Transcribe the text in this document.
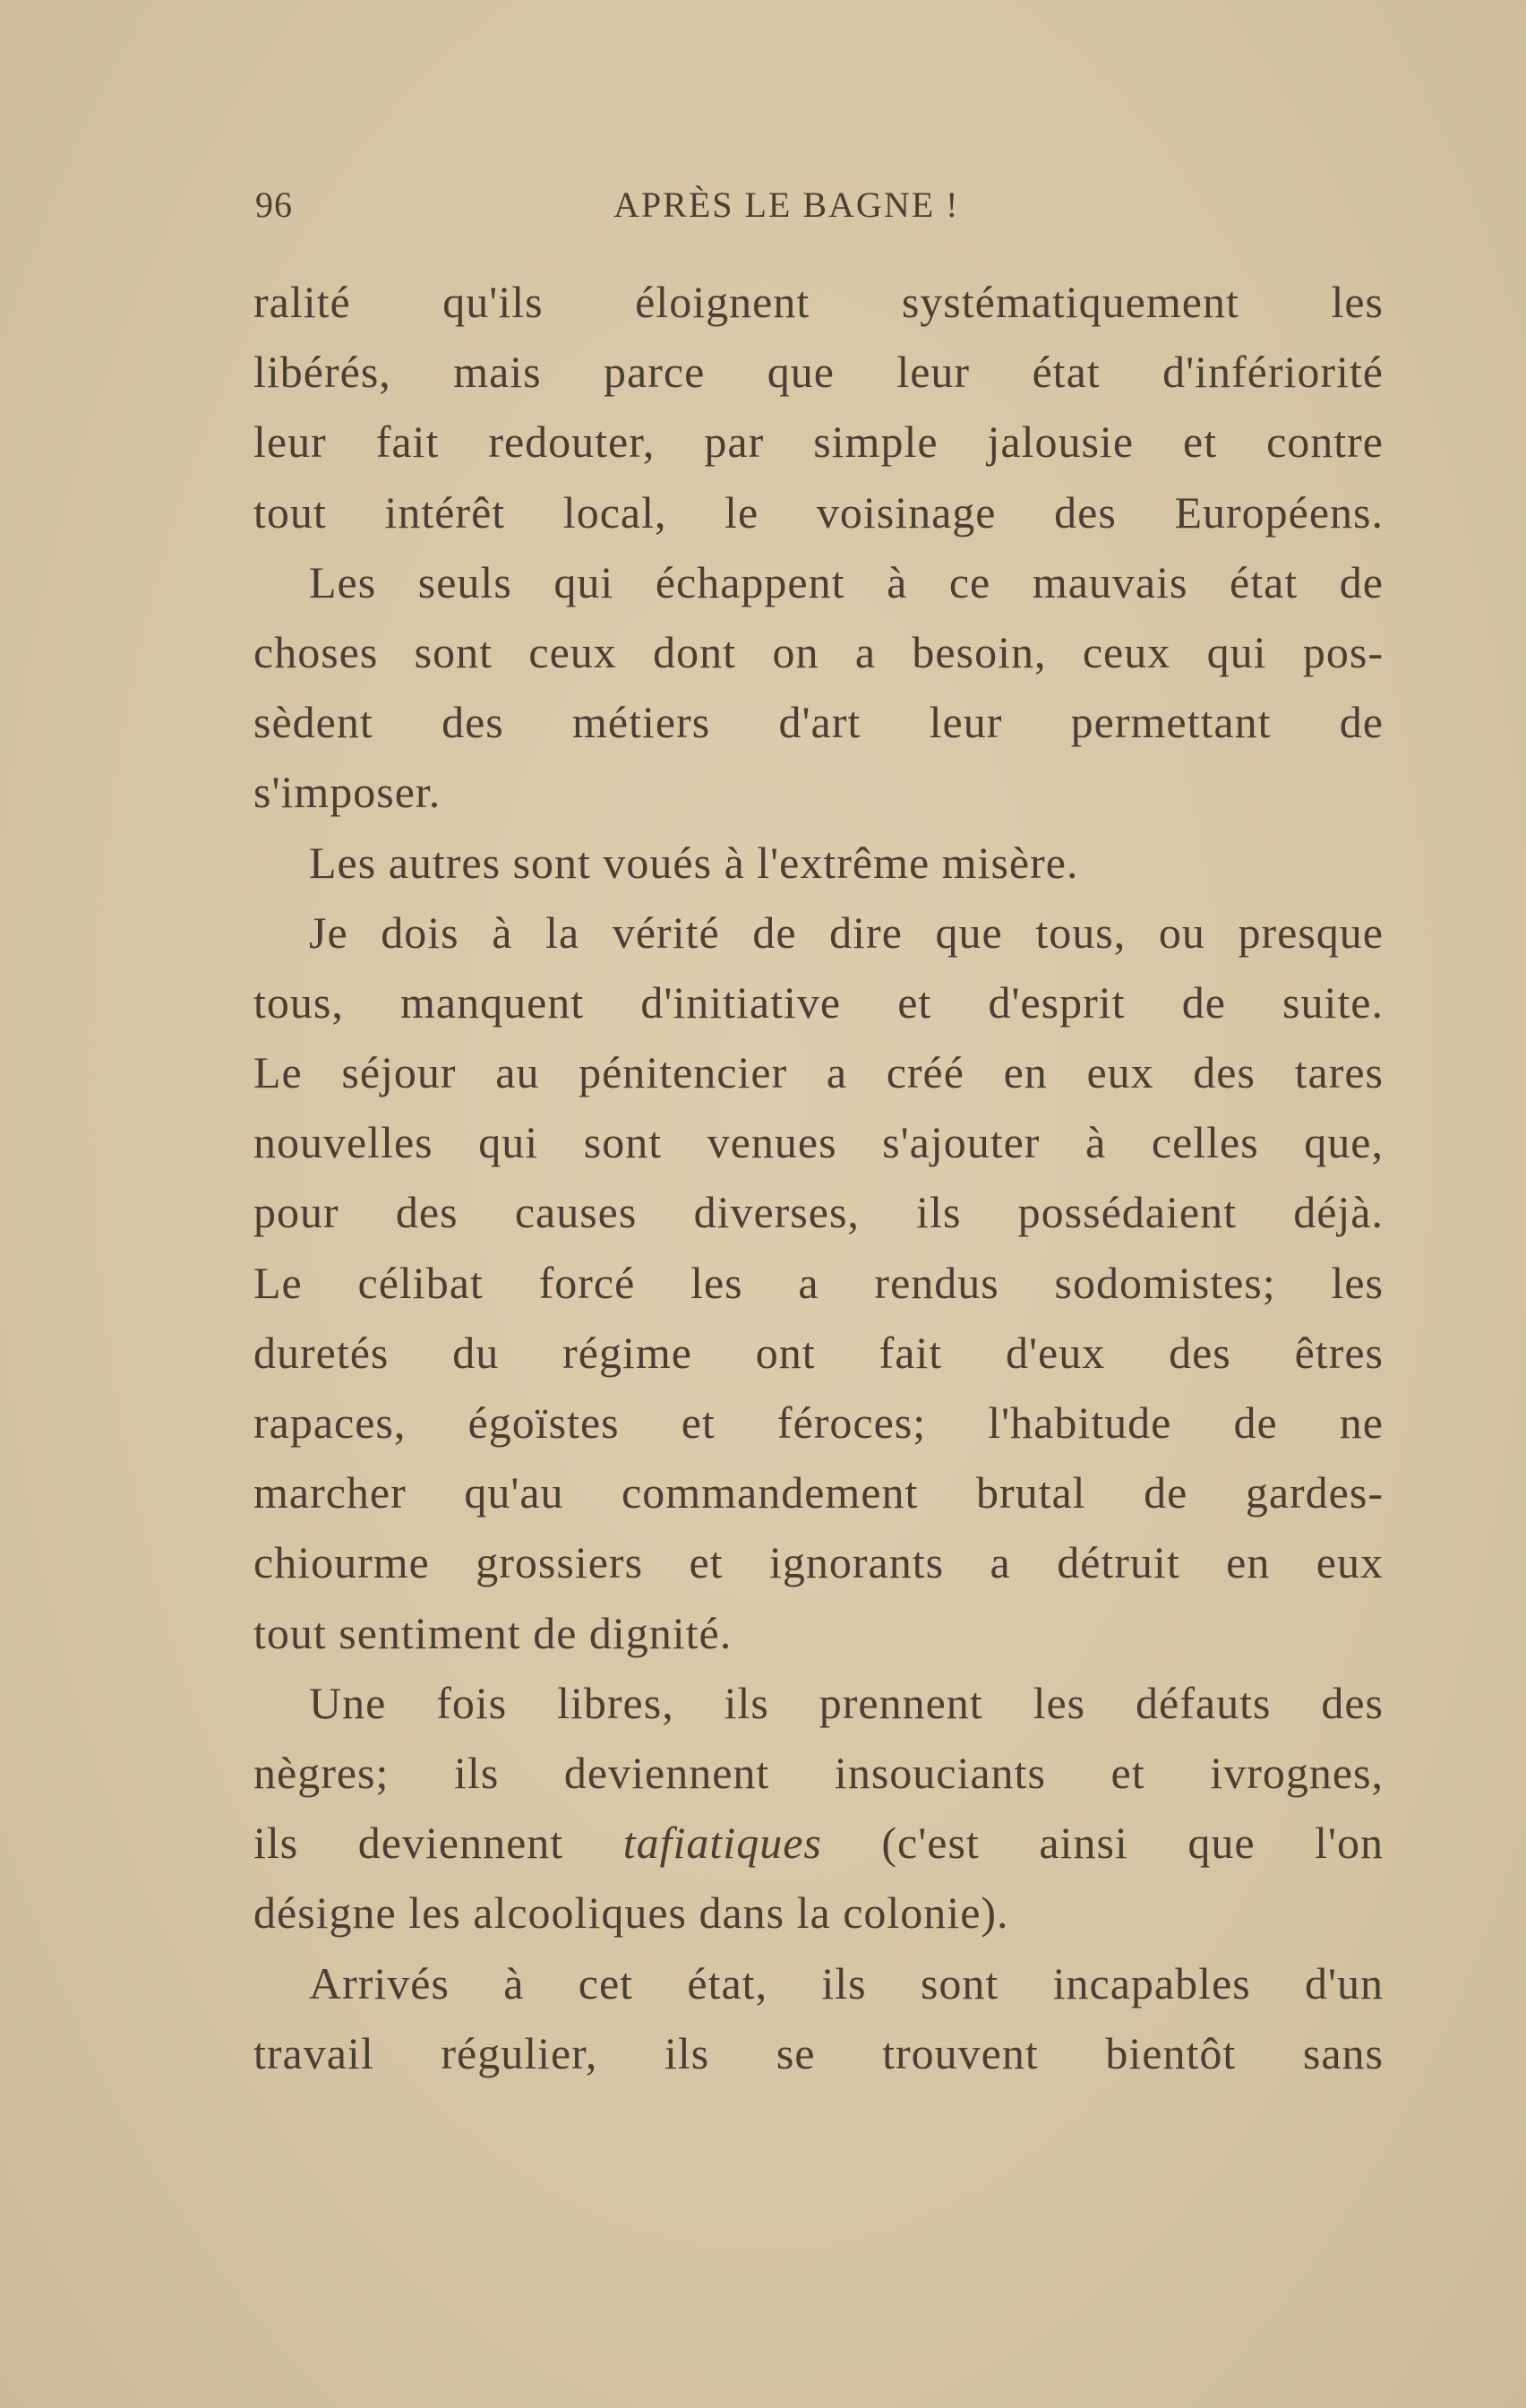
96	APRÈS LE BAGNE !
ralité qu'ils éloignent systématiquement les
libérés, mais parce que leur état d'infériorité
leur fait redouter, par simple jalousie et contre
tout intérêt local, le voisinage des Européens.
Les seuls qui échappent à ce mauvais état de
choses sont ceux dont on a besoin, ceux qui pos-
sèdent des métiers d'art leur permettant de
s'imposer.
Les autres sont voués à l'extrême misère.
Je dois à la vérité de dire que tous, ou presque
tous, manquent d'initiative et d'esprit de suite.
Le séjour au pénitencier a créé en eux des tares
nouvelles qui sont venues s'ajouter à celles que,
pour des causes diverses, ils possédaient déjà.
Le célibat forcé les a rendus sodomistes; les
duretés du régime ont fait d'eux des êtres
rapaces, égoïstes et féroces; l'habitude de ne
marcher qu'au commandement brutal de gardes-
chiourme grossiers et ignorants a détruit en eux
tout sentiment de dignité.
Une fois libres, ils prennent les défauts des
nègres; ils deviennent insouciants et ivrognes,
ils deviennent tafiatiques (c'est ainsi que l'on
désigne les alcooliques dans la colonie).
Arrivés à cet état, ils sont incapables d'un
travail régulier, ils se trouvent bientôt sans
